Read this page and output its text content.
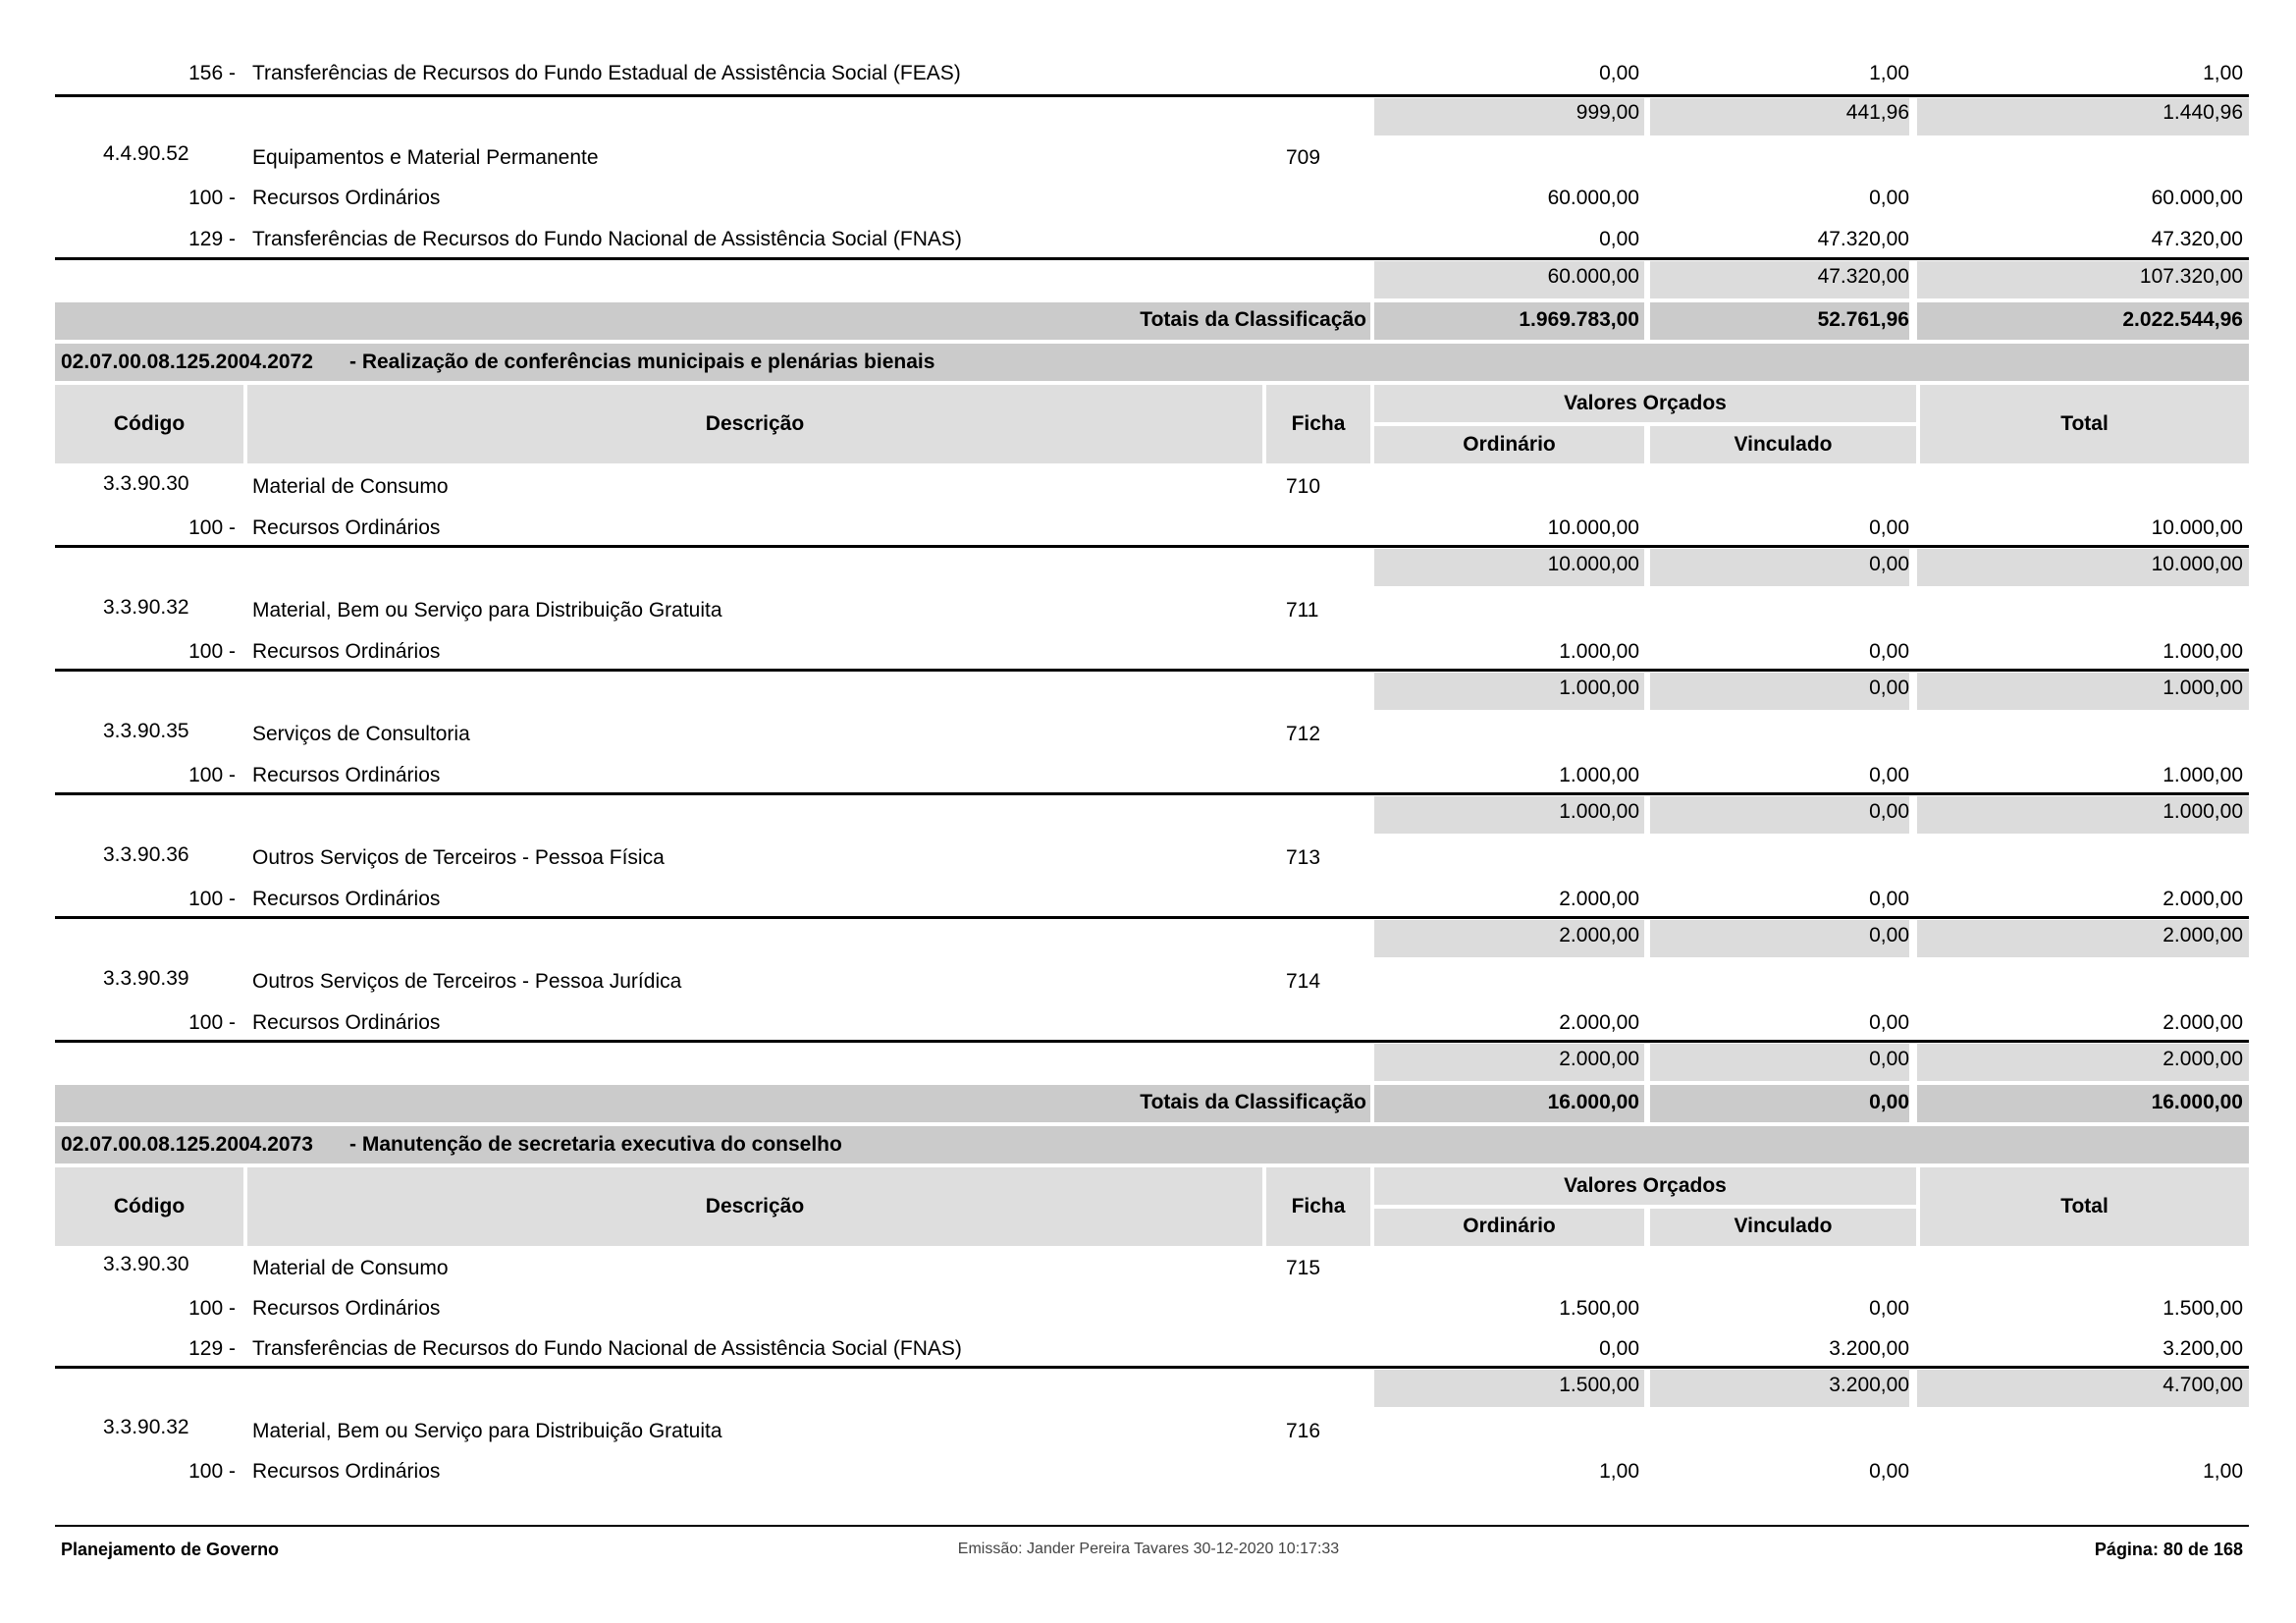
156 - Transferências de Recursos do Fundo Estadual de Assistência Social (FEAS)	0,00	1,00	1,00
999,00	441,96	1.440,96
4.4.90.52	Equipamentos e Material Permanente	709
100 - Recursos Ordinários	60.000,00	0,00	60.000,00
129 - Transferências de Recursos do Fundo Nacional de Assistência Social (FNAS)	0,00	47.320,00	47.320,00
60.000,00	47.320,00	107.320,00
Totais da Classificação	1.969.783,00	52.761,96	2.022.544,96
02.07.00.08.125.2004.2072 - Realização de conferências municipais e plenárias bienais
Código	Descrição	Ficha
Valores Orçados
Ordinário	Vinculado
Total
3.3.90.30	Material de Consumo	710
100 - Recursos Ordinários	10.000,00	0,00	10.000,00
10.000,00	0,00	10.000,00
3.3.90.32	Material, Bem ou Serviço para Distribuição Gratuita	711
100 - Recursos Ordinários	1.000,00	0,00	1.000,00
1.000,00	0,00	1.000,00
3.3.90.35	Serviços de Consultoria	712
100 - Recursos Ordinários	1.000,00	0,00	1.000,00
1.000,00	0,00	1.000,00
3.3.90.36	Outros Serviços de Terceiros - Pessoa Física	713
100 - Recursos Ordinários	2.000,00	0,00	2.000,00
2.000,00	0,00	2.000,00
3.3.90.39	Outros Serviços de Terceiros - Pessoa Jurídica	714
100 - Recursos Ordinários	2.000,00	0,00	2.000,00
2.000,00	0,00	2.000,00
Totais da Classificação	16.000,00	0,00	16.000,00
02.07.00.08.125.2004.2073 - Manutenção de secretaria executiva do conselho
Código	Descrição	Ficha
Valores Orçados
Ordinário	Vinculado
Total
3.3.90.30	Material de Consumo	715
100 - Recursos Ordinários	1.500,00	0,00	1.500,00
129 - Transferências de Recursos do Fundo Nacional de Assistência Social (FNAS)	0,00	3.200,00	3.200,00
1.500,00	3.200,00	4.700,00
3.3.90.32	Material, Bem ou Serviço para Distribuição Gratuita	716
100 - Recursos Ordinários	1,00	0,00	1,00
Planejamento de Governo	Emissão: Jander Pereira Tavares 30-12-2020 10:17:33	Página: 80 de 168
